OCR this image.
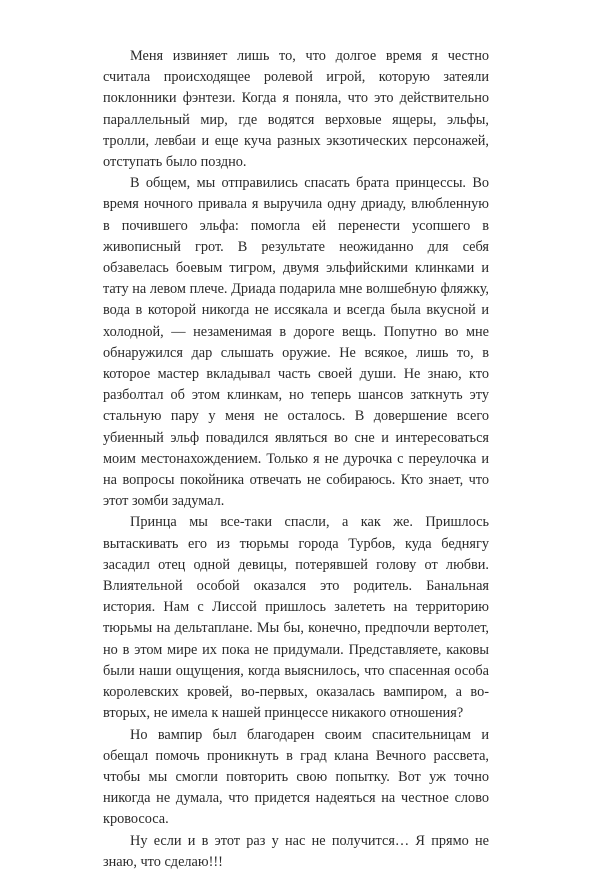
Меня извиняет лишь то, что долгое время я честно считала происходящее ролевой игрой, которую затеяли поклонники фэнтези. Когда я поняла, что это действительно параллельный мир, где водятся верховые ящеры, эльфы, тролли, левбаи и еще куча разных экзотических персонажей, отступать было поздно.

В общем, мы отправились спасать брата принцессы. Во время ночного привала я выручила одну дриаду, влюбленную в почившего эльфа: помогла ей перенести усопшего в живописный грот. В результате неожиданно для себя обзавелась боевым тигром, двумя эльфийскими клинками и тату на левом плече. Дриада подарила мне волшебную фляжку, вода в которой никогда не иссякала и всегда была вкусной и холодной, — незаменимая в дороге вещь. Попутно во мне обнаружился дар слышать оружие. Не всякое, лишь то, в которое мастер вкладывал часть своей души. Не знаю, кто разболтал об этом клинкам, но теперь шансов заткнуть эту стальную пару у меня не осталось. В довершение всего убиенный эльф повадился являться во сне и интересоваться моим местонахождением. Только я не дурочка с переулочка и на вопросы покойника отвечать не собираюсь. Кто знает, что этот зомби задумал.

Принца мы все-таки спасли, а как же. Пришлось вытаскивать его из тюрьмы города Турбов, куда беднягу засадил отец одной девицы, потерявшей голову от любви. Влиятельной особой оказался это родитель. Банальная история. Нам с Лиссой пришлось залететь на территорию тюрьмы на дельтаплане. Мы бы, конечно, предпочли вертолет, но в этом мире их пока не придумали. Представляете, каковы были наши ощущения, когда выяснилось, что спасенная особа королевских кровей, во-первых, оказалась вампиром, а во-вторых, не имела к нашей принцессе никакого отношения?

Но вампир был благодарен своим спасительницам и обещал помочь проникнуть в град клана Вечного рассвета, чтобы мы смогли повторить свою попытку. Вот уж точно никогда не думала, что придется надеяться на честное слово кровососа.

Ну если и в этот раз у нас не получится… Я прямо не знаю, что сделаю!!!
